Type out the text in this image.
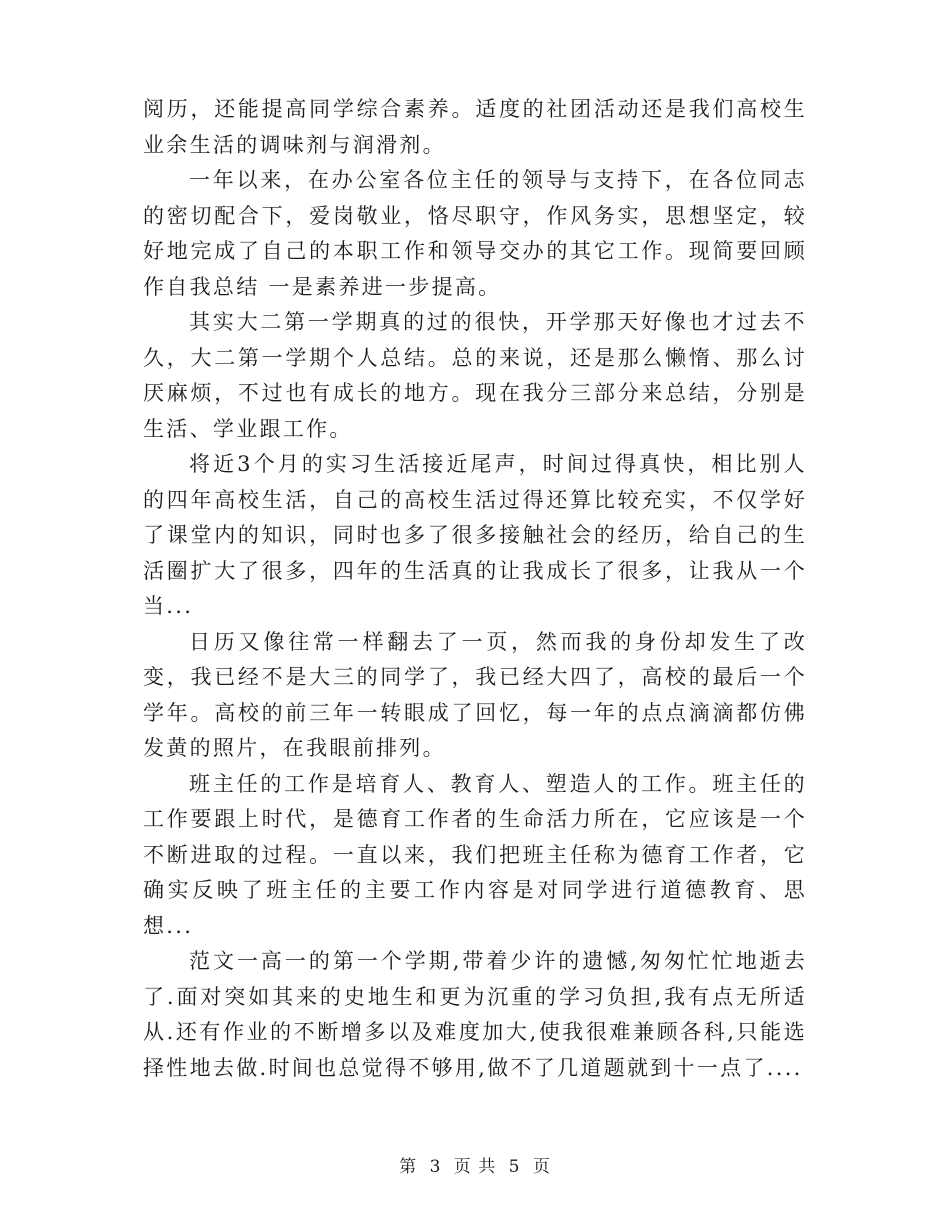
阅历，还能提高同学综合素养。适度的社团活动还是我们高校生业余生活的调味剂与润滑剂。

一年以来，在办公室各位主任的领导与支持下，在各位同志的密切配合下，爱岗敬业，恪尽职守，作风务实，思想坚定，较好地完成了自己的本职工作和领导交办的其它工作。现简要回顾作自我总结 一是素养进一步提高。

其实大二第一学期真的过的很快，开学那天好像也才过去不久，大二第一学期个人总结。总的来说，还是那么懒惰、那么讨厌麻烦，不过也有成长的地方。现在我分三部分来总结，分别是生活、学业跟工作。

将近3个月的实习生活接近尾声，时间过得真快，相比别人的四年高校生活，自己的高校生活过得还算比较充实，不仅学好了课堂内的知识，同时也多了很多接触社会的经历，给自己的生活圈扩大了很多，四年的生活真的让我成长了很多，让我从一个当...

日历又像往常一样翻去了一页，然而我的身份却发生了改变，我已经不是大三的同学了，我已经大四了，高校的最后一个学年。高校的前三年一转眼成了回忆，每一年的点点滴滴都仿佛发黄的照片，在我眼前排列。

班主任的工作是培育人、教育人、塑造人的工作。班主任的工作要跟上时代，是德育工作者的生命活力所在，它应该是一个不断进取的过程。一直以来，我们把班主任称为德育工作者，它确实反映了班主任的主要工作内容是对同学进行道德教育、思想...

范文一高一的第一个学期,带着少许的遗憾,匆匆忙忙地逝去了.面对突如其来的史地生和更为沉重的学习负担,我有点无所适从.还有作业的不断增多以及难度加大,使我很难兼顾各科,只能选择性地去做.时间也总觉得不够用,做不了几道题就到十一点了....

第 3 页 共 5 页
